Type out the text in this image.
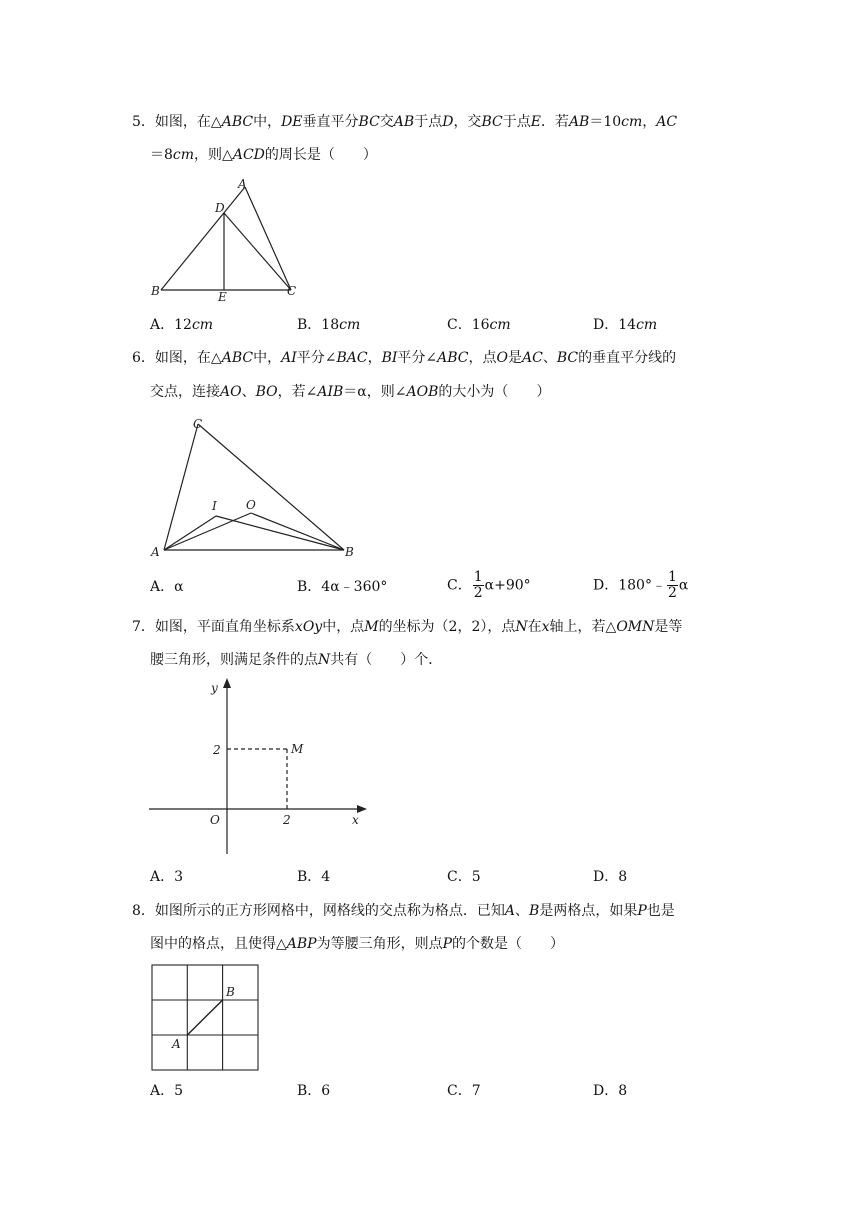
5．如图，在△ABC中，DE垂直平分BC交AB于点D，交BC于点E．若AB＝10cm，AC
＝8cm，则△ACD的周长是（　　）
A
D
B	E	C
A．12cm	B．18cm	C．16cm	D．14cm
6．如图，在△ABC中，AI平分∠BAC，BI平分∠ABC，点O是AC、BC的垂直平分线的
交点，连接AO、BO，若∠AIB＝α，则∠AOB的大小为（　　）
C
I O
A	B
A．α	B．4α﹣360°	C． $\frac{1}{2} \alpha+90^\circ$	D．180°﹣ $\frac{1}{2}$ α
7．如图，平面直角坐标系xOy中，点M的坐标为（2，2），点N在x轴上，若△OMN是等
腰三角形，则满足条件的点N共有（　　）个．
y
x
O
M
2
2
A．3	B．4	C．5	D．8
8．如图所示的正方形网格中，网格线的交点称为格点．已知A、B是两格点，如果P也是
图中的格点，且使得△ABP为等腰三角形，则点P的个数是（　　）
A
B
A．5	B．6	C．7	D．8
